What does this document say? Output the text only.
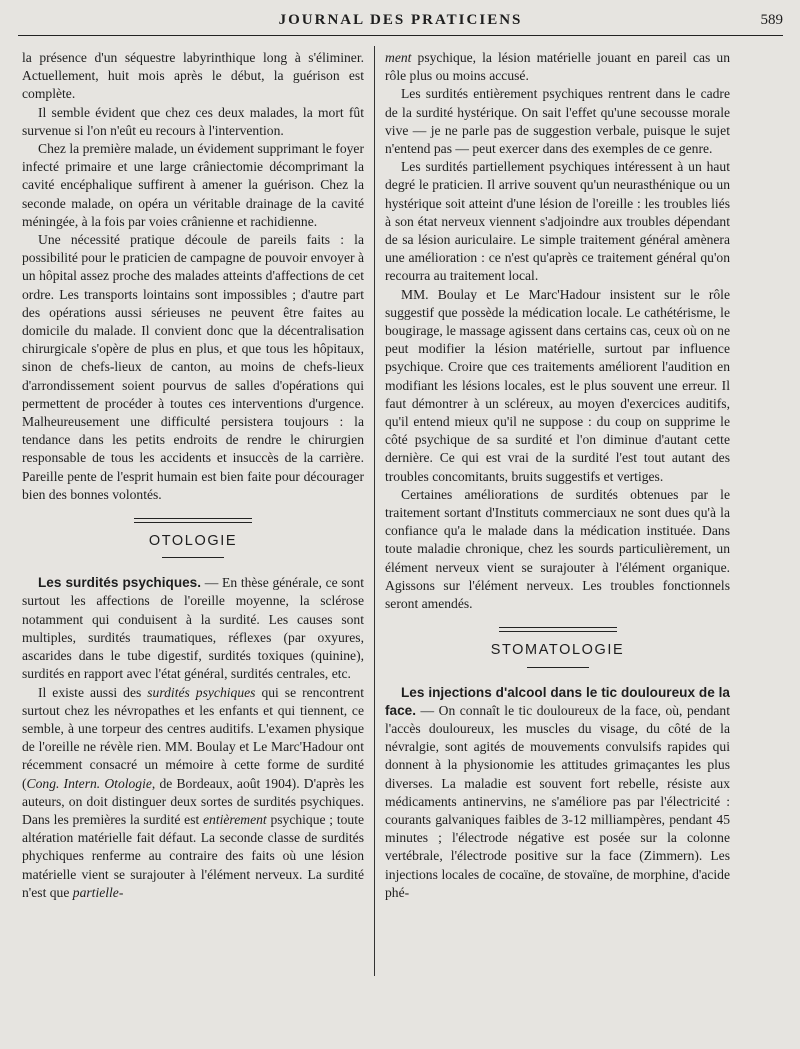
JOURNAL DES PRATICIENS	589

la présence d'un séquestre labyrinthique long à s'éliminer. Actuellement, huit mois après le début, la guérison est complète.

Il semble évident que chez ces deux malades, la mort fût survenue si l'on n'eût eu recours à l'intervention.

Chez la première malade, un évidement supprimant le foyer infecté primaire et une large crâniectomie décomprimant la cavité encéphalique suffirent à amener la guérison. Chez la seconde malade, on opéra un véritable drainage de la cavité méningée, à la fois par voies crânienne et rachidienne.

Une nécessité pratique découle de pareils faits : la possibilité pour le praticien de campagne de pouvoir envoyer à un hôpital assez proche des malades atteints d'affections de cet ordre. Les transports lointains sont impossibles ; d'autre part des opérations aussi sérieuses ne peuvent être faites au domicile du malade. Il convient donc que la décentralisation chirurgicale s'opère de plus en plus, et que tous les hôpitaux, sinon de chefs-lieux de canton, au moins de chefs-lieux d'arrondissement soient pourvus de salles d'opérations qui permettent de procéder à toutes ces interventions d'urgence. Malheureusement une difficulté persistera toujours : la tendance dans les petits endroits de rendre le chirurgien responsable de tous les accidents et insuccès de la carrière. Pareille pente de l'esprit humain est bien faite pour décourager bien des bonnes volontés.

OTOLOGIE

Les surdités psychiques. — En thèse générale, ce sont surtout les affections de l'oreille moyenne, la sclérose notamment qui conduisent à la surdité. Les causes sont multiples, surdités traumatiques, réflexes (par oxyures, ascarides dans le tube digestif, surdités toxiques (quinine), surdités en rapport avec l'état général, surdités centrales, etc.

Il existe aussi des surdités psychiques qui se rencontrent surtout chez les névropathes et les enfants et qui tiennent, ce semble, à une torpeur des centres auditifs. L'examen physique de l'oreille ne révèle rien. MM. Boulay et Le Marc'Hadour ont récemment consacré un mémoire à cette forme de surdité (Cong. Intern. Otologie, de Bordeaux, août 1904). D'après les auteurs, on doit distinguer deux sortes de surdités psychiques. Dans les premières la surdité est entièrement psychique ; toute altération matérielle fait défaut. La seconde classe de surdités phychiques renferme au contraire des faits où une lésion matérielle vient se surajouter à l'élément nerveux. La surdité n'est que partielle-

ment psychique, la lésion matérielle jouant en pareil cas un rôle plus ou moins accusé.

Les surdités entièrement psychiques rentrent dans le cadre de la surdité hystérique. On sait l'effet qu'une secousse morale vive — je ne parle pas de suggestion verbale, puisque le sujet n'entend pas — peut exercer dans des exemples de ce genre.

Les surdités partiellement psychiques intéressent à un haut degré le praticien. Il arrive souvent qu'un neurasthénique ou un hystérique soit atteint d'une lésion de l'oreille : les troubles liés à son état nerveux viennent s'adjoindre aux troubles dépendant de sa lésion auriculaire. Le simple traitement général amènera une amélioration : ce n'est qu'après ce traitement général qu'on recourra au traitement local.

MM. Boulay et Le Marc'Hadour insistent sur le rôle suggestif que possède la médication locale. Le cathétérisme, le bougirage, le massage agissent dans certains cas, ceux où on ne peut modifier la lésion matérielle, surtout par influence psychique. Croire que ces traitements améliorent l'audition en modifiant les lésions locales, est le plus souvent une erreur. Il faut démontrer à un scléreux, au moyen d'exercices auditifs, qu'il entend mieux qu'il ne suppose : du coup on supprime le côté psychique de sa surdité et l'on diminue d'autant cette dernière. Ce qui est vrai de la surdité l'est tout autant des troubles concomitants, bruits suggestifs et vertiges.

Certaines améliorations de surdités obtenues par le traitement sortant d'Instituts commerciaux ne sont dues qu'à la confiance qu'a le malade dans la médication instituée. Dans toute maladie chronique, chez les sourds particulièrement, un élément nerveux vient se surajouter à l'élément organique. Agissons sur l'élément nerveux. Les troubles fonctionnels seront amendés.

STOMATOLOGIE

Les injections d'alcool dans le tic douloureux de la face. — On connaît le tic douloureux de la face, où, pendant l'accès douloureux, les muscles du visage, du côté de la névralgie, sont agités de mouvements convulsifs rapides qui donnent à la physionomie les attitudes grimaçantes les plus diverses. La maladie est souvent fort rebelle, résiste aux médicaments antinervins, ne s'améliore pas par l'électricité : courants galvaniques faibles de 3-12 milliampères, pendant 45 minutes ; l'électrode négative est posée sur la colonne vertébrale, l'électrode positive sur la face (Zimmern). Les injections locales de cocaïne, de stovaïne, de morphine, d'acide phé-
